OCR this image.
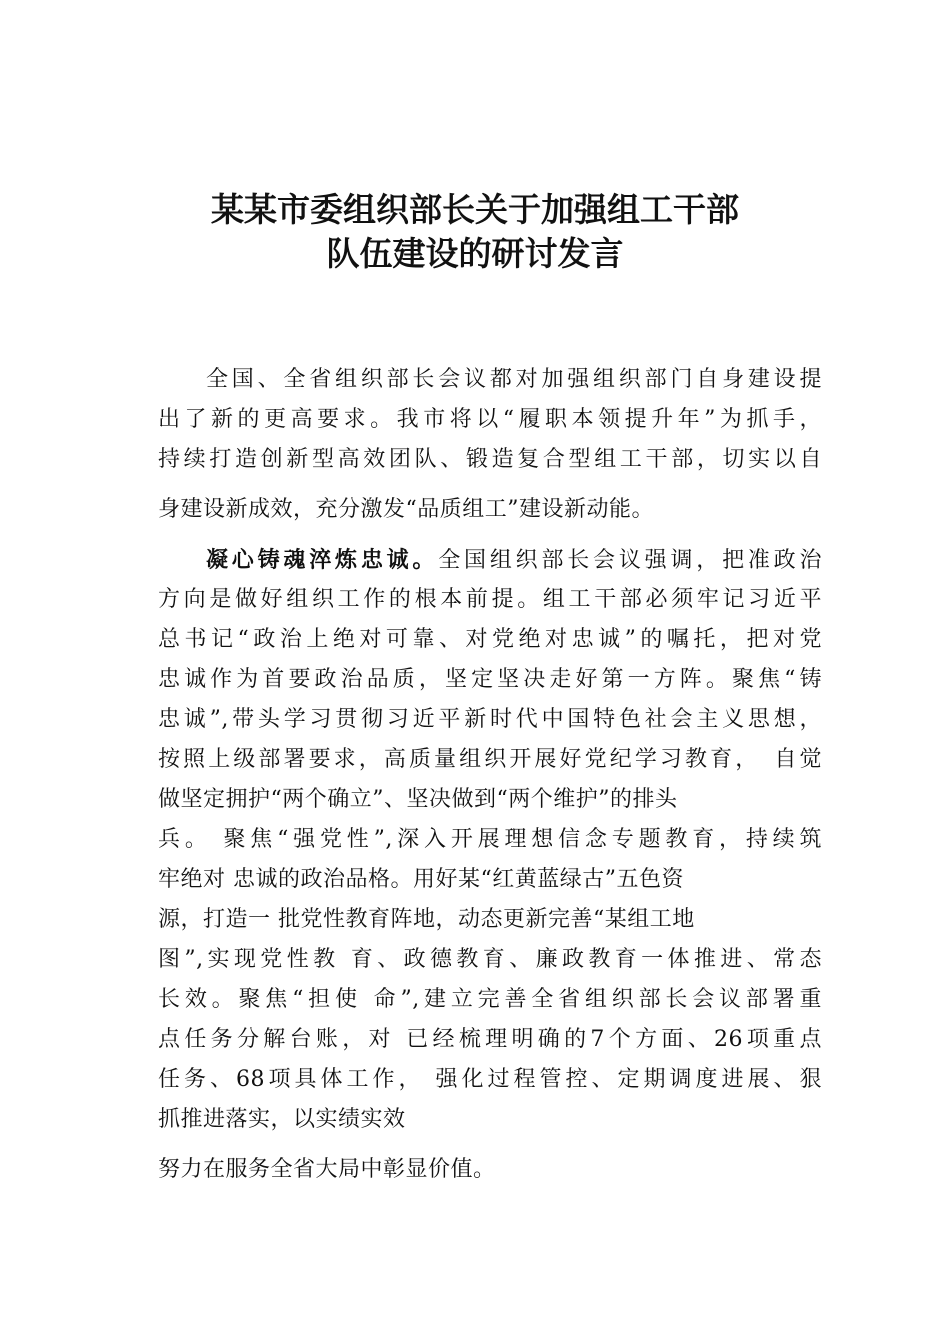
某某市委组织部长关于加强组工干部
队伍建设的研讨发言
全国、全省组织部长会议都对加强组织部门自身建设提
出了新的更高要求。我市将以“履职本领提升年”为抓手，
持续打造创新型高效团队、锻造复合型组工干部，切实以自
身建设新成效，充分激发“品质组工”建设新动能。
凝心铸魂淬炼忠诚。全国组织部长会议强调，把准政治
方向是做好组织工作的根本前提。组工干部必须牢记习近平
总书记“政治上绝对可靠、对党绝对忠诚”的嘱托，把对党
忠诚作为首要政治品质，坚定坚决走好第一方阵。聚焦“铸
忠诚”,带头学习贯彻习近平新时代中国特色社会主义思想，
按照上级部署要求，高质量组织开展好党纪学习教育，　自觉
做坚定拥护“两个确立”、坚决做到“两个维护”的排头
兵。 聚焦“强党性”,深入开展理想信念专题教育，持续筑
牢绝对 忠诚的政治品格。用好某“红黄蓝绿古”五色资
源，打造一 批党性教育阵地，动态更新完善“某组工地
图”,实现党性教 育、政德教育、廉政教育一体推进、常态
长效。聚焦“担使 命”,建立完善全省组织部长会议部署重
点任务分解台账，对 已经梳理明确的7个方面、26项重点
任务、68项具体工作， 强化过程管控、定期调度进展、狠
抓推进落实，以实绩实效
努力在服务全省大局中彰显价值。
